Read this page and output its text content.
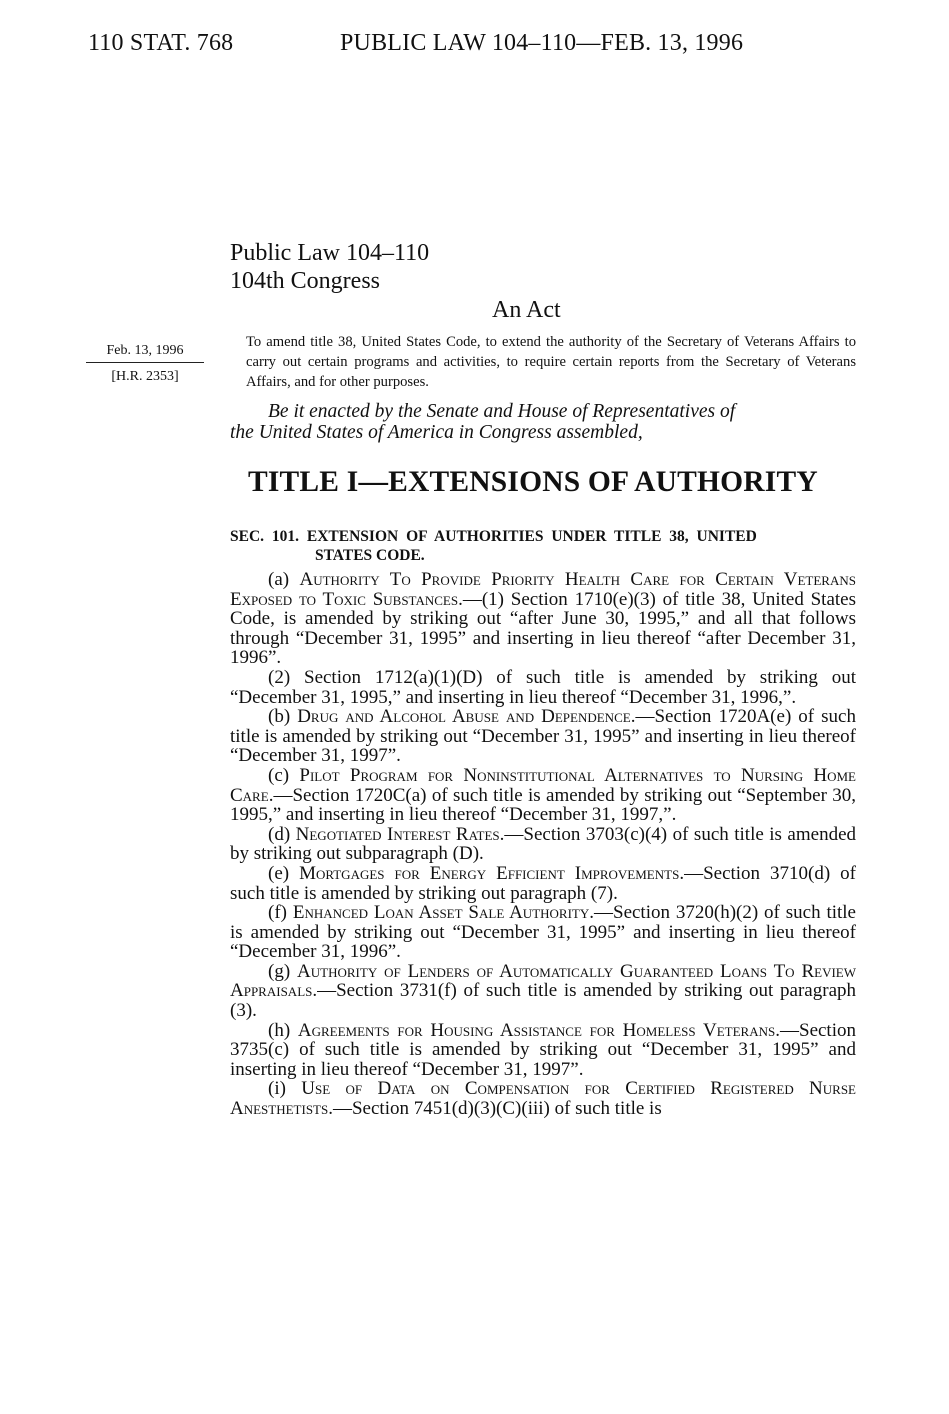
110 STAT. 768	PUBLIC LAW 104–110—FEB. 13, 1996
Public Law 104–110
104th Congress
An Act
Feb. 13, 1996
[H.R. 2353]

To amend title 38, United States Code, to extend the authority of the Secretary of Veterans Affairs to carry out certain programs and activities, to require certain reports from the Secretary of Veterans Affairs, and for other purposes.

Be it enacted by the Senate and House of Representatives of
the United States of America in Congress assembled,
TITLE I—EXTENSIONS OF AUTHORITY
SEC. 101. EXTENSION OF AUTHORITIES UNDER TITLE 38, UNITED
STATES CODE.

(a) Authority To Provide Priority Health Care for Certain Veterans Exposed to Toxic Substances.—(1) Section 1710(e)(3) of title 38, United States Code, is amended by striking out “after June 30, 1995,” and all that follows through “December 31, 1995” and inserting in lieu thereof “after December 31, 1996”.

(2) Section 1712(a)(1)(D) of such title is amended by striking out “December 31, 1995,” and inserting in lieu thereof “December 31, 1996,”.

(b) Drug and Alcohol Abuse and Dependence.—Section 1720A(e) of such title is amended by striking out “December 31, 1995” and inserting in lieu thereof “December 31, 1997”.

(c) Pilot Program for Noninstitutional Alternatives to Nursing Home Care.—Section 1720C(a) of such title is amended by striking out “September 30, 1995,” and inserting in lieu thereof “December 31, 1997,”.

(d) Negotiated Interest Rates.—Section 3703(c)(4) of such title is amended by striking out subparagraph (D).

(e) Mortgages for Energy Efficient Improvements.—Section 3710(d) of such title is amended by striking out paragraph (7).

(f) Enhanced Loan Asset Sale Authority.—Section 3720(h)(2) of such title is amended by striking out “December 31, 1995” and inserting in lieu thereof “December 31, 1996”.

(g) Authority of Lenders of Automatically Guaranteed Loans To Review Appraisals.—Section 3731(f) of such title is amended by striking out paragraph (3).

(h) Agreements for Housing Assistance for Homeless Veterans.—Section 3735(c) of such title is amended by striking out “December 31, 1995” and inserting in lieu thereof “December 31, 1997”.

(i) Use of Data on Compensation for Certified Registered Nurse Anesthetists.—Section 7451(d)(3)(C)(iii) of such title is
